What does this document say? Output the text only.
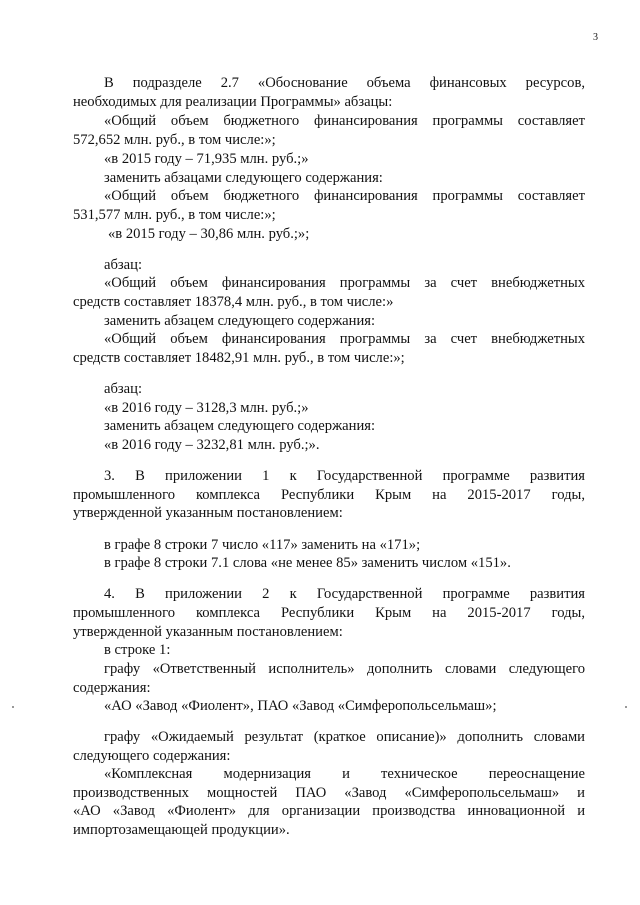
3
В подразделе 2.7 «Обоснование объема финансовых ресурсов,
необходимых для реализации Программы» абзацы:
«Общий объем бюджетного финансирования программы составляет
572,652 млн. руб., в том числе:»;
«в 2015 году – 71,935 млн. руб.;»
заменить абзацами следующего содержания:
«Общий объем бюджетного финансирования программы составляет
531,577 млн. руб., в том числе:»;
«в 2015 году – 30,86 млн. руб.;»;
абзац:
«Общий объем финансирования программы за счет внебюджетных
средств составляет 18378,4 млн. руб., в том числе:»
заменить абзацем следующего содержания:
«Общий объем финансирования программы за счет внебюджетных
средств составляет 18482,91 млн. руб., в том числе:»;
абзац:
«в 2016 году – 3128,3 млн. руб.;»
заменить абзацем следующего содержания:
«в 2016 году – 3232,81 млн. руб.;».
3. В приложении 1 к Государственной программе развития
промышленного комплекса Республики Крым на 2015-2017 годы,
утвержденной указанным постановлением:
в графе 8 строки 7 число «117» заменить на «171»;
в графе 8 строки 7.1 слова «не менее 85» заменить числом «151».
4. В приложении 2 к Государственной программе развития
промышленного комплекса Республики Крым на 2015-2017 годы,
утвержденной указанным постановлением:
в строке 1:
графу «Ответственный исполнитель» дополнить словами следующего
содержания:
«АО «Завод «Фиолент», ПАО «Завод «Симферопольсельмаш»;
графу «Ожидаемый результат (краткое описание)» дополнить словами
следующего содержания:
«Комплексная модернизация и техническое переоснащение
производственных мощностей ПАО «Завод «Симферопольсельмаш» и
«АО «Завод «Фиолент» для организации производства инновационной и
импортозамещающей продукции».
